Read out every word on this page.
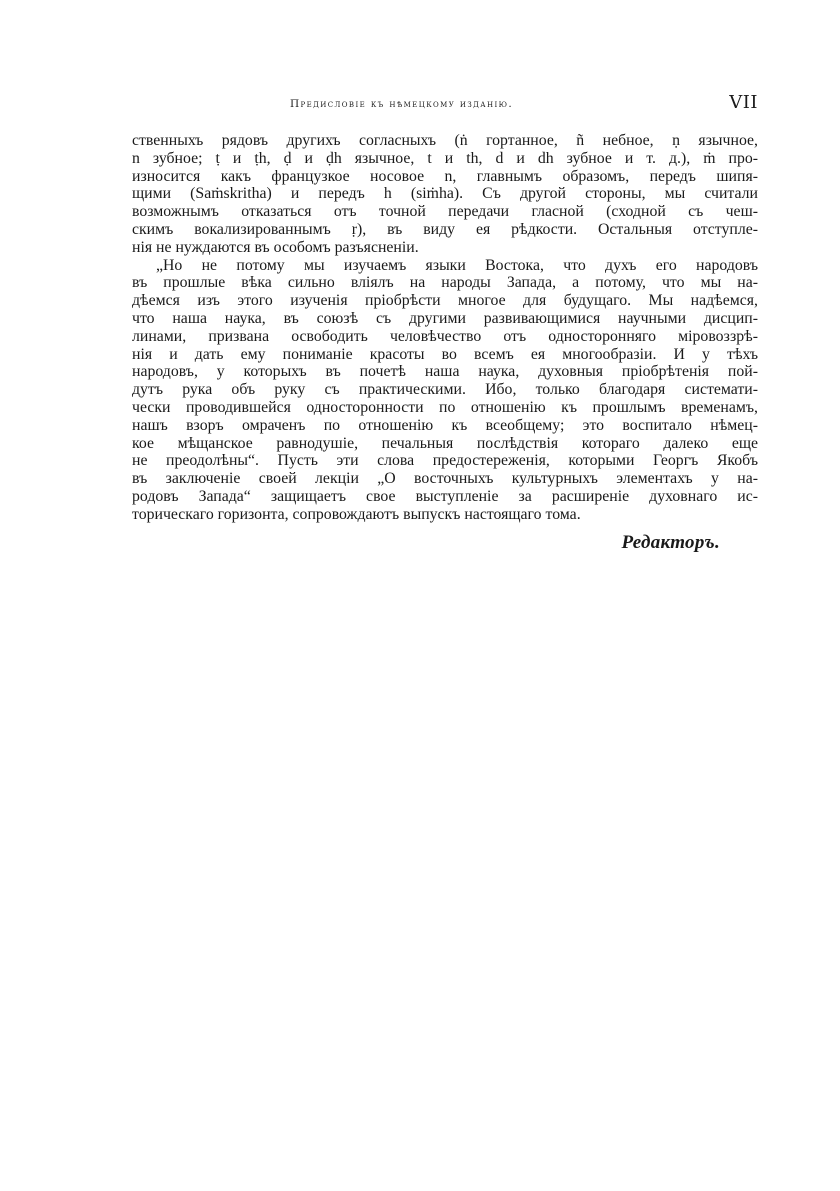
Предисловіе къ нѣмецкому изданію.	VII

ственныхъ рядовъ другихъ согласныхъ (ṅ гортанное, ñ небное, ṇ язычное,
n зубное; ṭ и ṭh, ḍ и ḍh язычное, t и th, d и dh зубное и т. д.), ṁ про-
износится какъ французкое носовое n, главнымъ образомъ, передъ шипя-
щими (Saṁskritha) и передъ h (siṁha). Съ другой стороны, мы считали
возможнымъ отказаться отъ точной передачи гласной (сходной съ чеш-
скимъ вокализированнымъ ṛ), въ виду ея рѣдкости. Остальныя отступле-
нія не нуждаются въ особомъ разъясненіи.

„Но не потому мы изучаемъ языки Востока, что духъ его народовъ
въ прошлые вѣка сильно вліялъ на народы Запада, а потому, что мы на-
дѣемся изъ этого изученія пріобрѣсти многое для будущаго. Мы надѣемся,
что наша наука, въ союзѣ съ другими развивающимися научными дисцип-
линами, призвана освободить человѣчество отъ односторонняго міровоззрѣ-
нія и дать ему пониманіе красоты во всемъ ея многообразіи. И у тѣхъ
народовъ, у которыхъ въ почетѣ наша наука, духовныя пріобрѣтенія пой-
дутъ рука объ руку съ практическими. Ибо, только благодаря системати-
чески проводившейся односторонности по отношенію къ прошлымъ временамъ,
нашъ взоръ омраченъ по отношенію къ всеобщему; это воспитало нѣмец-
кое мѣщанское равнодушіе, печальныя послѣдствія котораго далеко еще
не преодолѣны“. Пусть эти слова предостереженія, которыми Георгъ Якобъ
въ заключеніе своей лекціи „О восточныхъ культурныхъ элементахъ у на-
родовъ Запада“ защищаетъ свое выступленіе за расширеніе духовнаго ис-
торическаго горизонта, сопровождаютъ выпускъ настоящаго тома.

Редакторъ.
